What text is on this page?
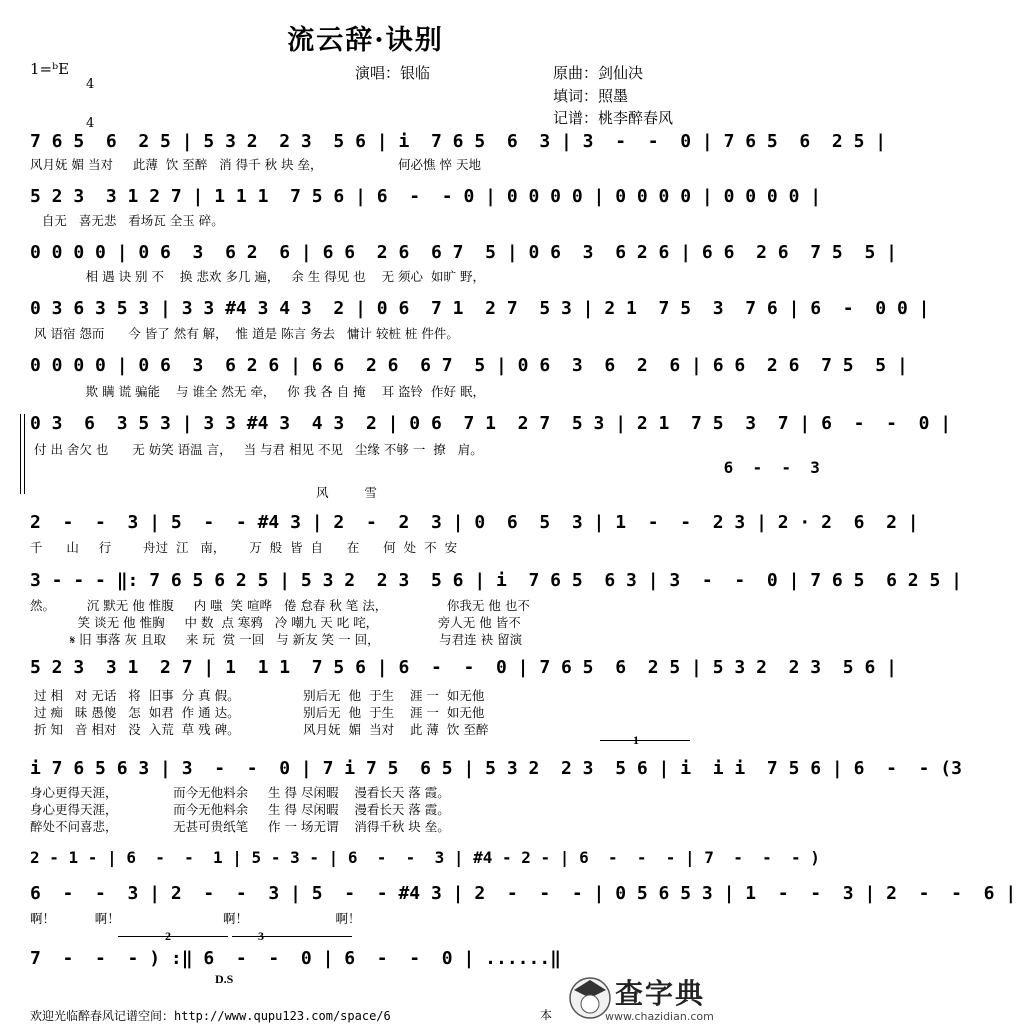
流云辞·诀别
1=ᵇE

4

4

演唱：银临	原曲：剑仙决
填词：照墨
记谱：桃李醉春风
7 6 5  6  2 5 | 5 3 2  2 3  5 6 | i  7 6 5  6  3 | 3  -  -  0 | 7 6 5  6  2 5 |
风月妩 媚 当对     此薄  饮 至醉   消 得千 秋 块 垒，                   何必憔 悴 天地
5 2 3  3 1 2 7 | 1 1 1  7 5 6 | 6  -  - 0 | 0 0 0 0 | 0 0 0 0 | 0 0 0 0 |
自无   喜无悲   看场瓦 全玉 碎。
0 0 0 0 | 0 6  3  6 2  6 | 6 6  2 6  6 7  5 | 0 6  3  6 2 6 | 6 6  2 6  7 5  5 |
相 遇 诀 别 不    换 悲欢 多几 遍，   余 生 得见 也    无 须心  如旷 野，
0 3 6 3 5 3 | 3 3 #4 3 4 3  2 | 0 6  7 1  2 7  5 3 | 2 1  7 5  3  7 6 | 6  -  0 0 |
风 语宿 怨而      今 皆了 然有 解，  惟 道是 陈言 务去   慵计 较桩 桩 件件。
0 0 0 0 | 0 6  3  6 2 6 | 6 6  2 6  6 7  5 | 0 6  3  6  2  6 | 6 6  2 6  7 5  5 |
欺 瞒 谎 骗能    与 谁全 然无 牵，   你 我 各 自 掩    耳 盗铃  作好 眠，
0 3  6  3 5 3 | 3 3 #4 3  4 3  2 | 0 6  7 1  2 7  5 3 | 2 1  7 5  3  7 | 6  -  -  0 |
付 出 舍欠 也      无 妨笑 语温 言，   当 与君 相见 不见   尘缘 不够 一  撩   肩。
6  -  -  3
风         雪
2  -  -  3 | 5  -  - #4 3 | 2  -  2  3 | 0  6  5  3 | 1  -  -  2 3 | 2 · 2  6  2 |
千      山     行        舟过  江   南，      万  般  皆  自      在      何  处  不  安
3 - - - ‖: 7 6 5 6 2 5 | 5 3 2  2 3  5 6 | i  7 6 5  6 3 | 3  -  -  0 | 7 6 5  6 2 5 |
然。        沉 默无 他 惟腹     内 嗤  笑 喧哗   倦 怠春 秋 笔 法，               你我无 他 也不
笑 谈无 他 惟胸     中 数  点 寒鸦   冷 嘲九 天 叱 咤，               旁人无 他 皆不
𝄋 旧 事落 灰 且取     来 玩  赏 一回   与 新友 笑 一 回，               与君连 袂 留演
5 2 3  3 1  2 7 | 1  1 1  7 5 6 | 6  -  -  0 | 7 6 5  6  2 5 | 5 3 2  2 3  5 6 |
过 相   对 无话   将  旧事  分 真 假。                别后无  他  于生    涯 一  如无他
过 痴   昧 愚傻   怎  如君  作 通 达。                别后无  他  于生    涯 一  如无他
折 知   音 相对   没  入荒  草 残 碑。                风月妩  媚  当对    此 薄  饮 至醉
1
i 7 6 5 6 3 | 3  -  -  0 | 7 i 7 5  6 5 | 5 3 2  2 3  5 6 | i  i i  7 5 6 | 6  -  - (3
身心更得天涯，              而今无他料余     生 得 尽闲暇    漫看长天 落 霞。
身心更得天涯，              而今无他料余     生 得 尽闲暇    漫看长天 落 霞。
醉处不问喜悲，              无甚可贵纸笔     作 一 场无谓    消得千秋 块 垒。
2 - 1 - | 6  -  -  1 | 5 - 3 - | 6  -  -  3 | #4 - 2 - | 6  -  -  - | 7  -  -  - )
6  -  -  3 | 2  -  -  3 | 5  -  - #4 3 | 2  -  -  - | 0 5 6 5 3 | 1  -  -  3 | 2  -  -  6 |
啊！          啊！                          啊！                      啊！
2	3
7  -  -  - ) :‖ 6  -  -  0 | 6  -  -  0 | ......‖
D.S
欢迎光临醉春风记谱空间：http://www.qupu123.com/space/6	本
查字典
www.chazidian.com
